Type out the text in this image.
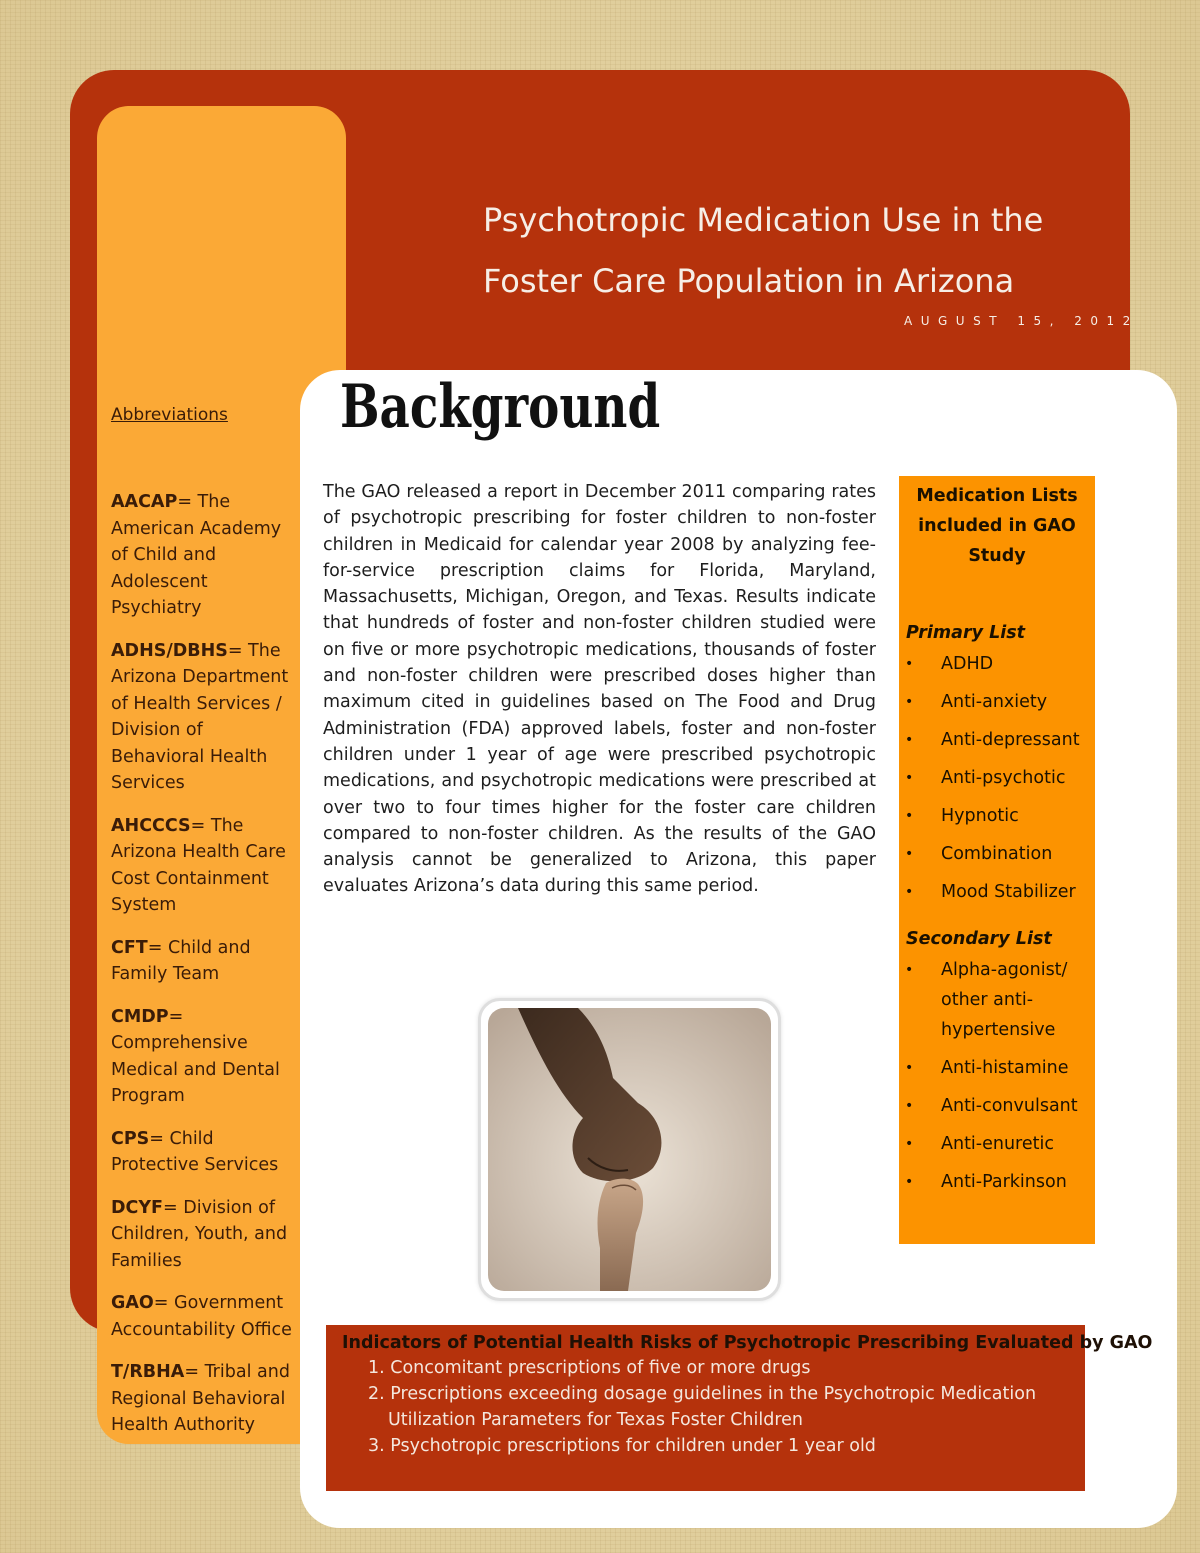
Psychotropic Medication Use in the
Foster Care Population in Arizona
AUGUST 15, 2012
Abbreviations
AACAP= The American Academy of Child and Adolescent Psychiatry
ADHS/DBHS= The Arizona Department of Health Services / Division of Behavioral Health Services
AHCCCS= The Arizona Health Care Cost Containment System
CFT= Child and Family Team
CMDP= Comprehensive Medical and Dental Program
CPS= Child Protective Services
DCYF= Division of Children, Youth, and Families
GAO= Government Accountability Office
T/RBHA= Tribal and Regional Behavioral Health Authority
Background
The GAO released a report in December 2011 comparing rates of psychotropic prescribing for foster children to non-foster children in Medicaid for calendar year 2008 by analyzing fee-for-service prescription claims for Florida, Maryland, Massachusetts, Michigan, Oregon, and Texas. Results indicate that hundreds of foster and non-foster children studied were on five or more psychotropic medications, thousands of foster and non-foster children were prescribed doses higher than maximum cited in guidelines based on The Food and Drug Administration (FDA) approved labels, foster and non-foster children under 1 year of age were prescribed psychotropic medications, and psychotropic medications were prescribed at over two to four times higher for the foster care children compared to non-foster children. As the results of the GAO analysis cannot be generalized to Arizona, this paper evaluates Arizona’s data during this same period.
Medication Lists included in GAO Study
Primary List
• ADHD
• Anti-anxiety
• Anti-depressant
• Anti-psychotic
• Hypnotic
• Combination
• Mood Stabilizer
Secondary List
• Alpha-agonist/ other anti-hypertensive
• Anti-histamine
• Anti-convulsant
• Anti-enuretic
• Anti-Parkinson
Indicators of Potential Health Risks of Psychotropic Prescribing Evaluated by GAO
1. Concomitant prescriptions of five or more drugs
2. Prescriptions exceeding dosage guidelines in the Psychotropic Medication Utilization Parameters for Texas Foster Children
3. Psychotropic prescriptions for children under 1 year old
